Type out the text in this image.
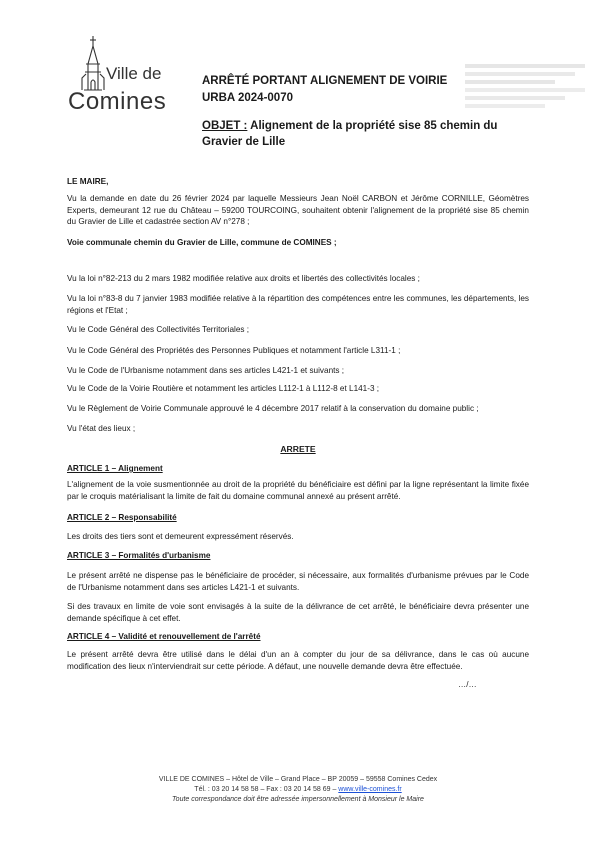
Ville de
Comines
ARRÊTÉ PORTANT ALIGNEMENT DE VOIRIE
URBA 2024-0070
OBJET : Alignement de la propriété sise 85 chemin du Gravier de Lille
LE MAIRE,
Vu la demande en date du 26 février 2024 par laquelle Messieurs Jean Noël CARBON et Jérôme CORNILLE, Géomètres Experts, demeurant 12 rue du Château – 59200 TOURCOING, souhaitent obtenir l'alignement de la propriété sise 85 chemin du Gravier de Lille et cadastrée section AV n°278 ;
Voie communale chemin du Gravier de Lille, commune de COMINES ;
Vu la loi n°82-213 du 2 mars 1982 modifiée relative aux droits et libertés des collectivités locales ;
Vu la loi n°83-8 du 7 janvier 1983 modifiée relative à la répartition des compétences entre les communes, les départements, les régions et l'Etat ;
Vu le Code Général des Collectivités Territoriales ;
Vu le Code Général des Propriétés des Personnes Publiques et notamment l'article L311-1 ;
Vu le Code de l'Urbanisme notamment dans ses articles L421-1 et suivants ;
Vu le Code de la Voirie Routière et notamment les articles L112-1 à L112-8 et L141-3 ;
Vu le Règlement de Voirie Communale approuvé le 4 décembre 2017 relatif à la conservation du domaine public ;
Vu l'état des lieux ;
ARRETE
ARTICLE 1 – Alignement
L'alignement de la voie susmentionnée au droit de la propriété du bénéficiaire est défini par la ligne représentant la limite fixée par le croquis matérialisant la limite de fait du domaine communal annexé au présent arrêté.
ARTICLE 2 – Responsabilité
Les droits des tiers sont et demeurent expressément réservés.
ARTICLE 3 – Formalités d'urbanisme
Le présent arrêté ne dispense pas le bénéficiaire de procéder, si nécessaire, aux formalités d'urbanisme prévues par le Code de l'Urbanisme notamment dans ses articles L421-1 et suivants.
Si des travaux en limite de voie sont envisagés à la suite de la délivrance de cet arrêté, le bénéficiaire devra présenter une demande spécifique à cet effet.
ARTICLE 4 – Validité et renouvellement de l'arrêté
Le présent arrêté devra être utilisé dans le délai d'un an à compter du jour de sa délivrance, dans le cas où aucune modification des lieux n'interviendrait sur cette période. A défaut, une nouvelle demande devra être effectuée.
…/…
VILLE DE COMINES – Hôtel de Ville – Grand Place – BP 20059 – 59558 Comines Cedex
Tél. : 03 20 14 58 58 – Fax : 03 20 14 58 69 – www.ville-comines.fr
Toute correspondance doit être adressée impersonnellement à Monsieur le Maire
